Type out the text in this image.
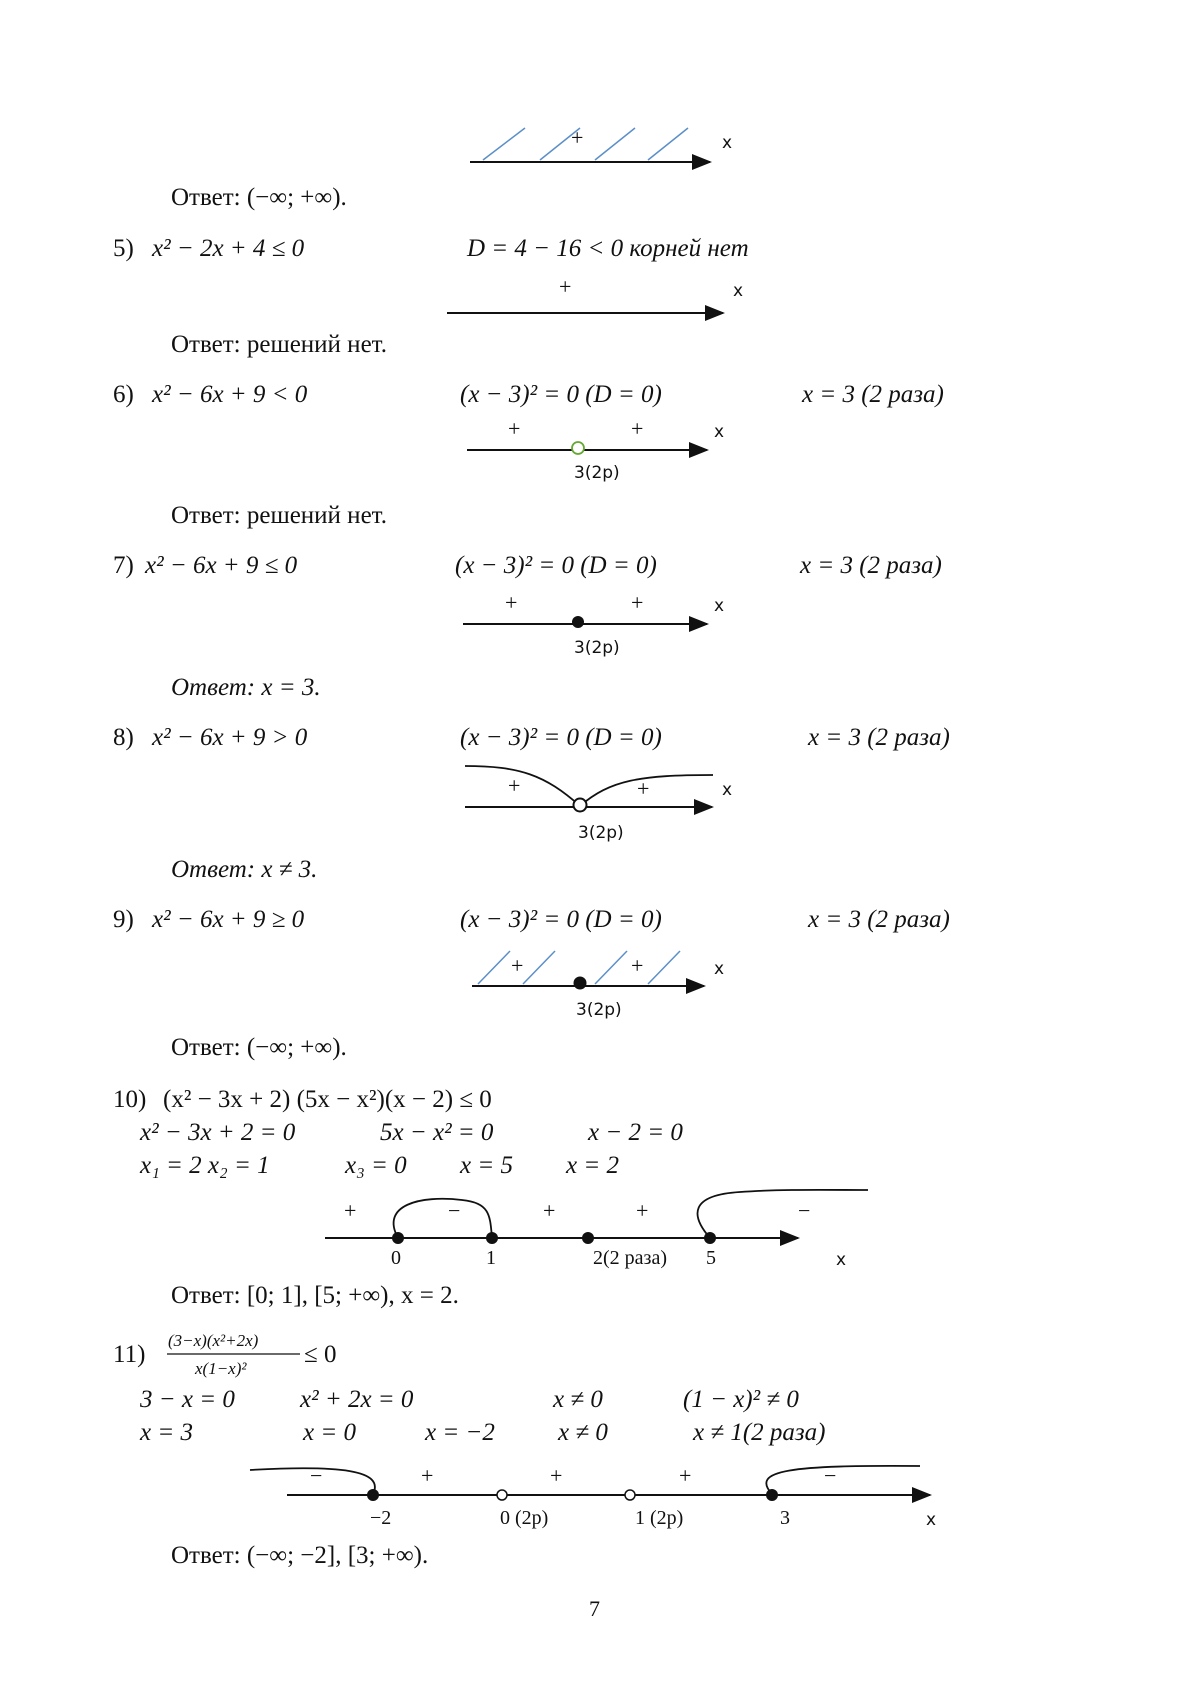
+	x
Ответ: (−∞; +∞).
5) x² − 2x + 4 ≤ 0	D = 4 − 16 < 0 корней нет
+	x
Ответ: решений нет.
6) x² − 6x + 9 < 0	(x − 3)² = 0 (D = 0)	x = 3 (2 раза)
+	+	x
3(2р)
Ответ: решений нет.
7) x² − 6x + 9 ≤ 0	(x − 3)² = 0 (D = 0)	x = 3 (2 раза)
+	+	x
3(2р)
Ответ: x = 3.
8) x² − 6x + 9 > 0	(x − 3)² = 0 (D = 0)	x = 3 (2 раза)
+	+	x
3(2р)
Ответ: x ≠ 3.
9) x² − 6x + 9 ≥ 0	(x − 3)² = 0 (D = 0)	x = 3 (2 раза)
+	+	x
3(2р)
Ответ: (−∞; +∞).
10) (x² − 3x + 2) (5x − x²)(x − 2) ≤ 0
x² − 3x + 2 = 0	5x − x² = 0	x − 2 = 0
x₁ = 2 x₂ = 1	x₃ = 0 x = 5 x = 2
+	−	+	+	−
0	1	2(2 раза) 5	x
Ответ: [0; 1], [5; +∞), x = 2.
11)
(3−x)(x²+2x)
x(1−x)²
≤ 0
3 − x = 0	x² + 2x = 0	x ≠ 0	(1 − x)² ≠ 0
x = 3	x = 0	x = −2	x ≠ 0	x ≠ 1(2 раза)
−	+	+	+	−
−2	0 (2р)	1 (2р)	3	x
Ответ: (−∞; −2], [3; +∞).
7
